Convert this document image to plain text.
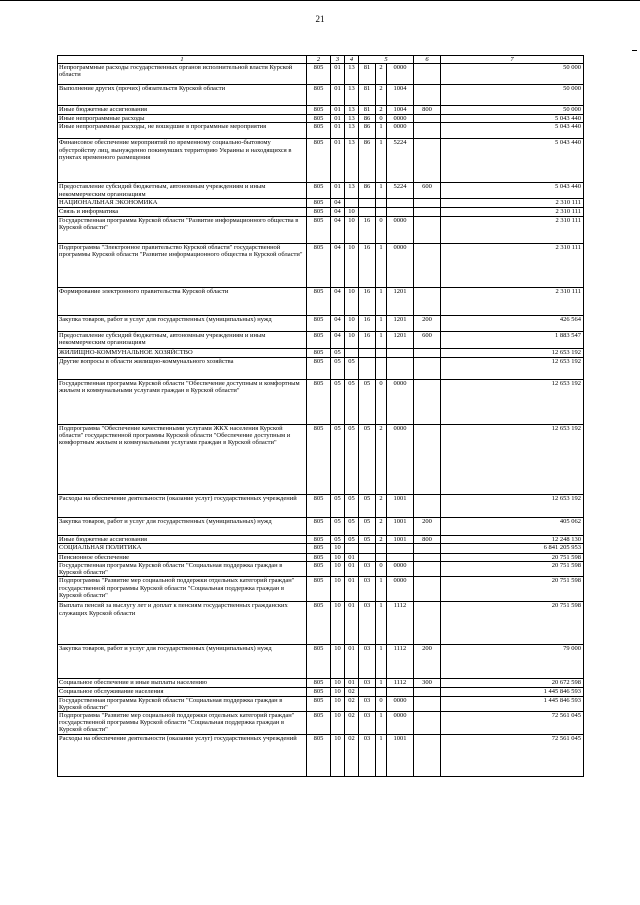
21
1	2	3	4	5			6	7
Непрограммные расходы государственных органов исполнительной власти Курской области	805	01	13	81	2	0000		50 000
Выполнение других (прочих) обязательств Курской области	805	01	13	81	2	1004		50 000
Иные бюджетные ассигнования	805	01	13	81	2	1004	800	50 000
Иные непрограммные расходы	805	01	13	86	0	0000		5 043 440
Иные непрограммные расходы, не вошедшие в программные мероприятия	805	01	13	86	1	0000		5 043 440
Финансовое обеспечение мероприятий по временному социально-бытовому обустройству лиц, вынужденно покинувших территорию Украины и находящихся в пунктах временного размещения	805	01	13	86	1	5224		5 043 440
Предоставление субсидий бюджетным, автономным учреждениям и иным некоммерческим организациям	805	01	13	86	1	5224	600	5 043 440
НАЦИОНАЛЬНАЯ ЭКОНОМИКА	805	04						2 310 111
Связь и информатика	805	04	10					2 310 111
Государственная программа Курской области "Развитие информационного общества в Курской области"	805	04	10	16	0	0000		2 310 111
Подпрограмма "Электронное правительство Курской области" государственной программы Курской области "Развитие информационного общества в Курской области"	805	04	10	16	1	0000		2 310 111
Формирование электронного правительства Курской области	805	04	10	16	1	1201		2 310 111
Закупка товаров, работ и услуг для государственных (муниципальных) нужд	805	04	10	16	1	1201	200	426 564
Предоставление субсидий бюджетным, автономным учреждениям и иным некоммерческим организациям	805	04	10	16	1	1201	600	1 883 547
ЖИЛИЩНО-КОММУНАЛЬНОЕ ХОЗЯЙСТВО	805	05						12 653 192
Другие вопросы в области жилищно-коммунального хозяйства	805	05	05					12 653 192
Государственная программа Курской области "Обеспечение доступным и комфортным жильем и коммунальными услугами граждан в Курской области"	805	05	05	05	0	0000		12 653 192
Подпрограмма "Обеспечение качественными услугами ЖКХ населения Курской области" государственной программы Курской области "Обеспечение доступным и комфортным жильем и коммунальными услугами граждан в Курской области"	805	05	05	05	2	0000		12 653 192
Расходы на обеспечение деятельности (оказание услуг) государственных учреждений	805	05	05	05	2	1001		12 653 192
Закупка товаров, работ и услуг для государственных (муниципальных) нужд	805	05	05	05	2	1001	200	405 062
Иные бюджетные ассигнования	805	05	05	05	2	1001	800	12 248 130
СОЦИАЛЬНАЯ ПОЛИТИКА	805	10						6 841 205 953
Пенсионное обеспечение	805	10	01					20 751 598
Государственная программа Курской области "Социальная поддержка граждан в Курской области"	805	10	01	03	0	0000		20 751 598
Подпрограмма "Развитие мер социальной поддержки отдельных категорий граждан" государственной программы Курской области "Социальная поддержка граждан в Курской области"	805	10	01	03	1	0000		20 751 598
Выплата пенсий за выслугу лет и доплат к пенсиям государственных гражданских служащих Курской области	805	10	01	03	1	1112		20 751 598
Закупка товаров, работ и услуг для государственных (муниципальных) нужд	805	10	01	03	1	1112	200	79 000
Социальное обеспечение и иные выплаты населению	805	10	01	03	1	1112	300	20 672 598
Социальное обслуживание населения	805	10	02					1 445 846 593
Государственная программа Курской области "Социальная поддержка граждан в Курской области"	805	10	02	03	0	0000		1 445 846 593
Подпрограмма "Развитие мер социальной поддержки отдельных категорий граждан" государственной программы Курской области "Социальная поддержка граждан в Курской области"	805	10	02	03	1	0000		72 561 045
Расходы на обеспечение деятельности (оказание услуг) государственных учреждений	805	10	02	03	1	1001		72 561 045
